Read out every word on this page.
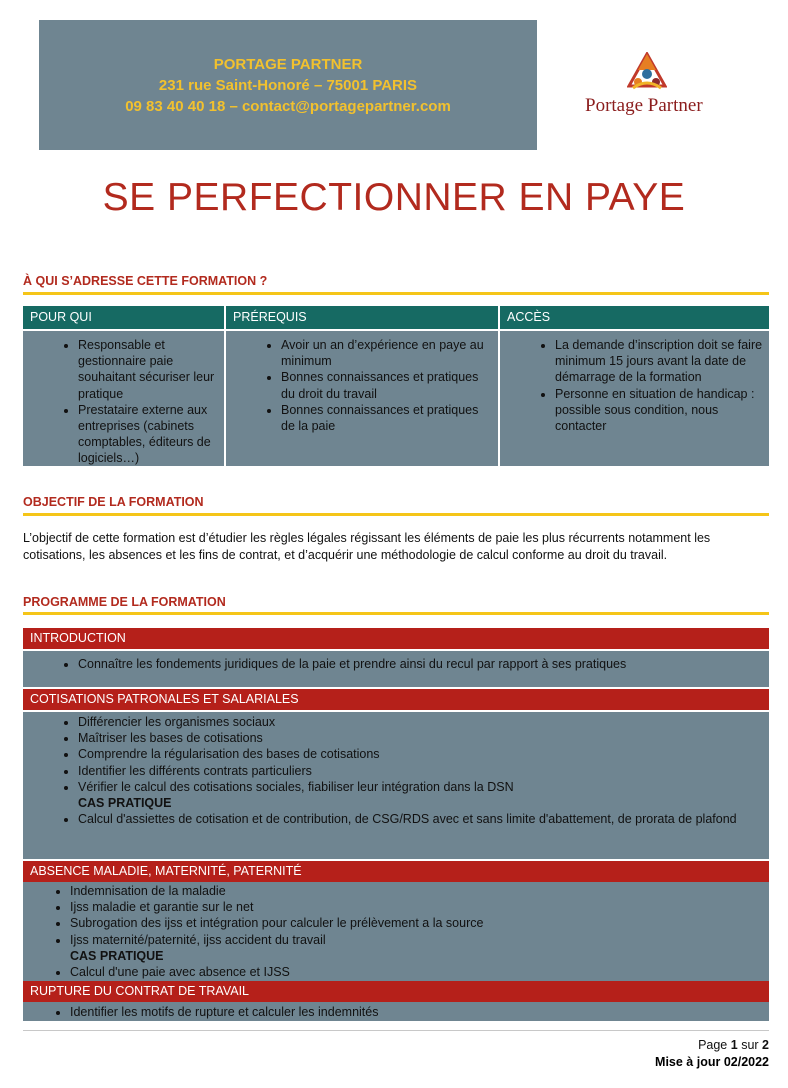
PORTAGE PARTNER
231 rue Saint-Honoré – 75001 PARIS
09 83 40 40 18 – contact@portagepartner.com	Portage Partner
SE PERFECTIONNER EN PAYE
À QUI S’ADRESSE CETTE FORMATION ?
POUR QUI
• Responsable et gestionnaire paie souhaitant sécuriser leur pratique
• Prestataire externe aux entreprises (cabinets comptables, éditeurs de logiciels…)
PRÉREQUIS
• Avoir un an d’expérience en paye au minimum
• Bonnes connaissances et pratiques du droit du travail
• Bonnes connaissances et pratiques de la paie
ACCÈS
• La demande d’inscription doit se faire minimum 15 jours avant la date de démarrage de la formation
• Personne en situation de handicap : possible sous condition, nous contacter
OBJECTIF DE LA FORMATION
L’objectif de cette formation est d’étudier les règles légales régissant les éléments de paie les plus récurrents notamment les cotisations, les absences et les fins de contrat, et d’acquérir une méthodologie de calcul conforme au droit du travail.
PROGRAMME DE LA FORMATION
INTRODUCTION
• Connaître les fondements juridiques de la paie et prendre ainsi du recul par rapport à ses pratiques
COTISATIONS PATRONALES ET SALARIALES
• Différencier les organismes sociaux
• Maîtriser les bases de cotisations
• Comprendre la régularisation des bases de cotisations
• Identifier les différents contrats particuliers
• Vérifier le calcul des cotisations sociales, fiabiliser leur intégration dans la DSN
CAS PRATIQUE
• Calcul d'assiettes de cotisation et de contribution, de CSG/RDS avec et sans limite d'abattement, de prorata de plafond
ABSENCE MALADIE, MATERNITÉ, PATERNITÉ
• Indemnisation de la maladie
• Ijss maladie et garantie sur le net
• Subrogation des ijss et intégration pour calculer le prélèvement a la source
• Ijss maternité/paternité, ijss accident du travail
CAS PRATIQUE
• Calcul d'une paie avec absence et IJSS
RUPTURE DU CONTRAT DE TRAVAIL
• Identifier les motifs de rupture et calculer les indemnités
Page 1 sur 2
Mise à jour 02/2022
